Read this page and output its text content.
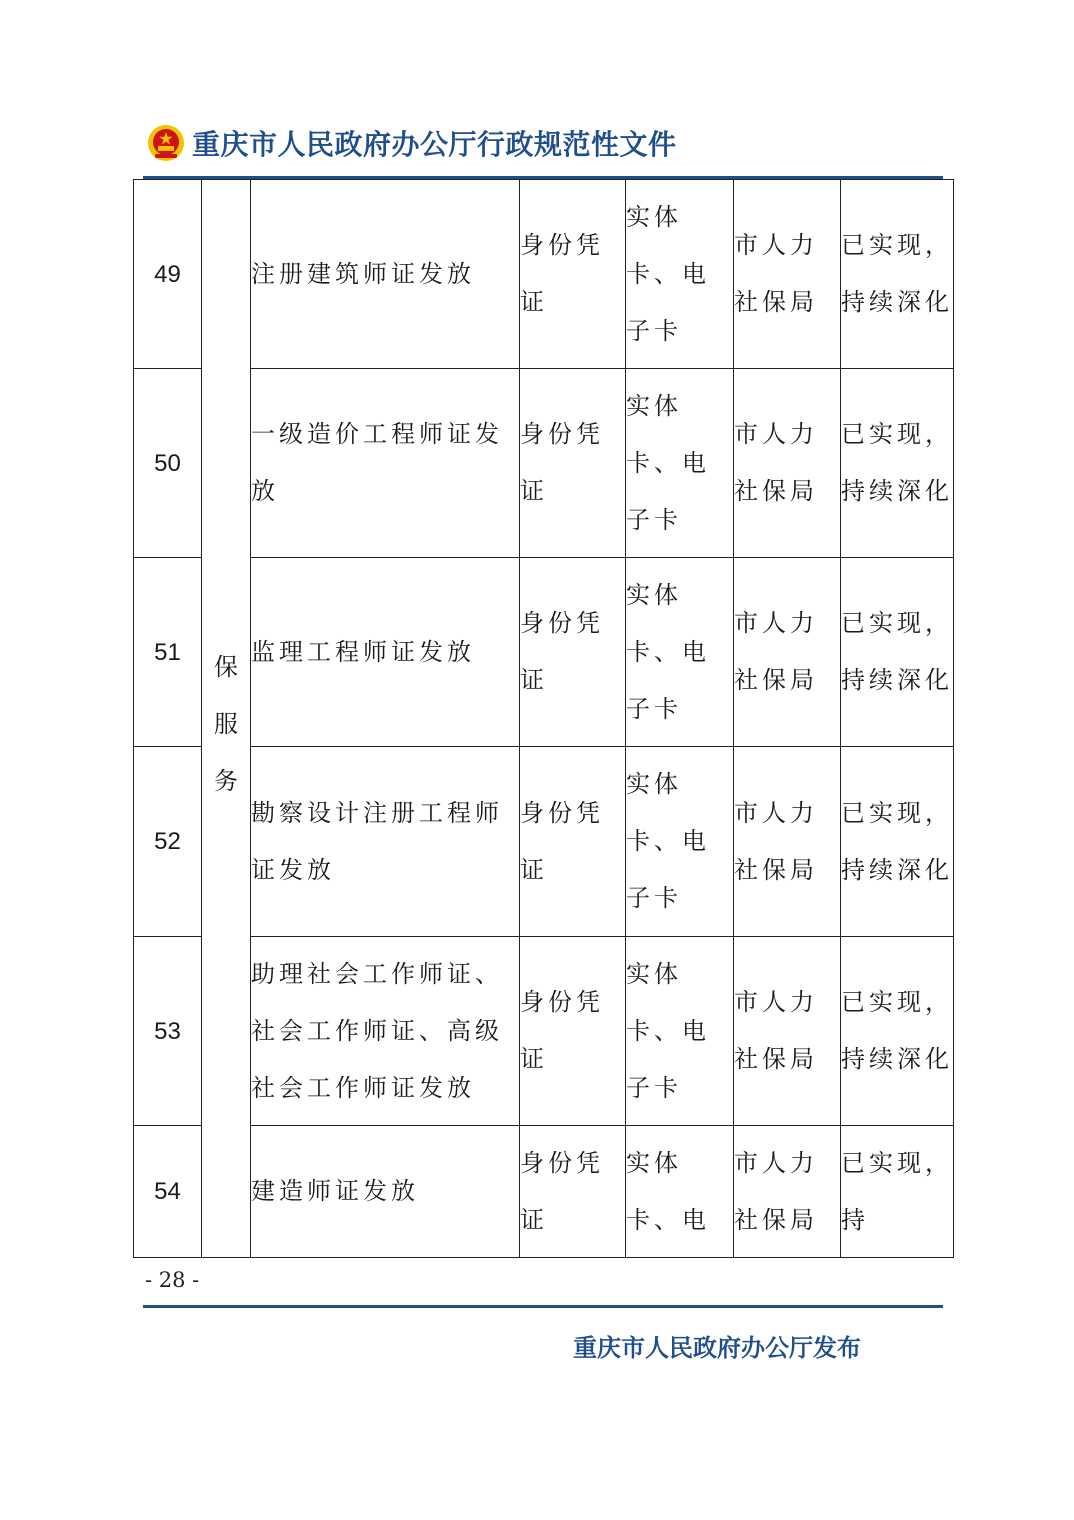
重庆市人民政府办公厅行政规范性文件
49	保服务	注册建筑师证发放	身份凭证	实体卡、电子卡	市人力社保局	已实现，持续深化
50		一级造价工程师证发放	身份凭证	实体卡、电子卡	市人力社保局	已实现，持续深化
51		监理工程师证发放	身份凭证	实体卡、电子卡	市人力社保局	已实现，持续深化
52		勘察设计注册工程师证发放	身份凭证	实体卡、电子卡	市人力社保局	已实现，持续深化
53		助理社会工作师证、社会工作师证、高级社会工作师证发放	身份凭证	实体卡、电子卡	市人力社保局	已实现，持续深化
54		建造师证发放	身份凭证	实体卡、电	市人力社保局	已实现，持
- 28 -
重庆市人民政府办公厅发布
